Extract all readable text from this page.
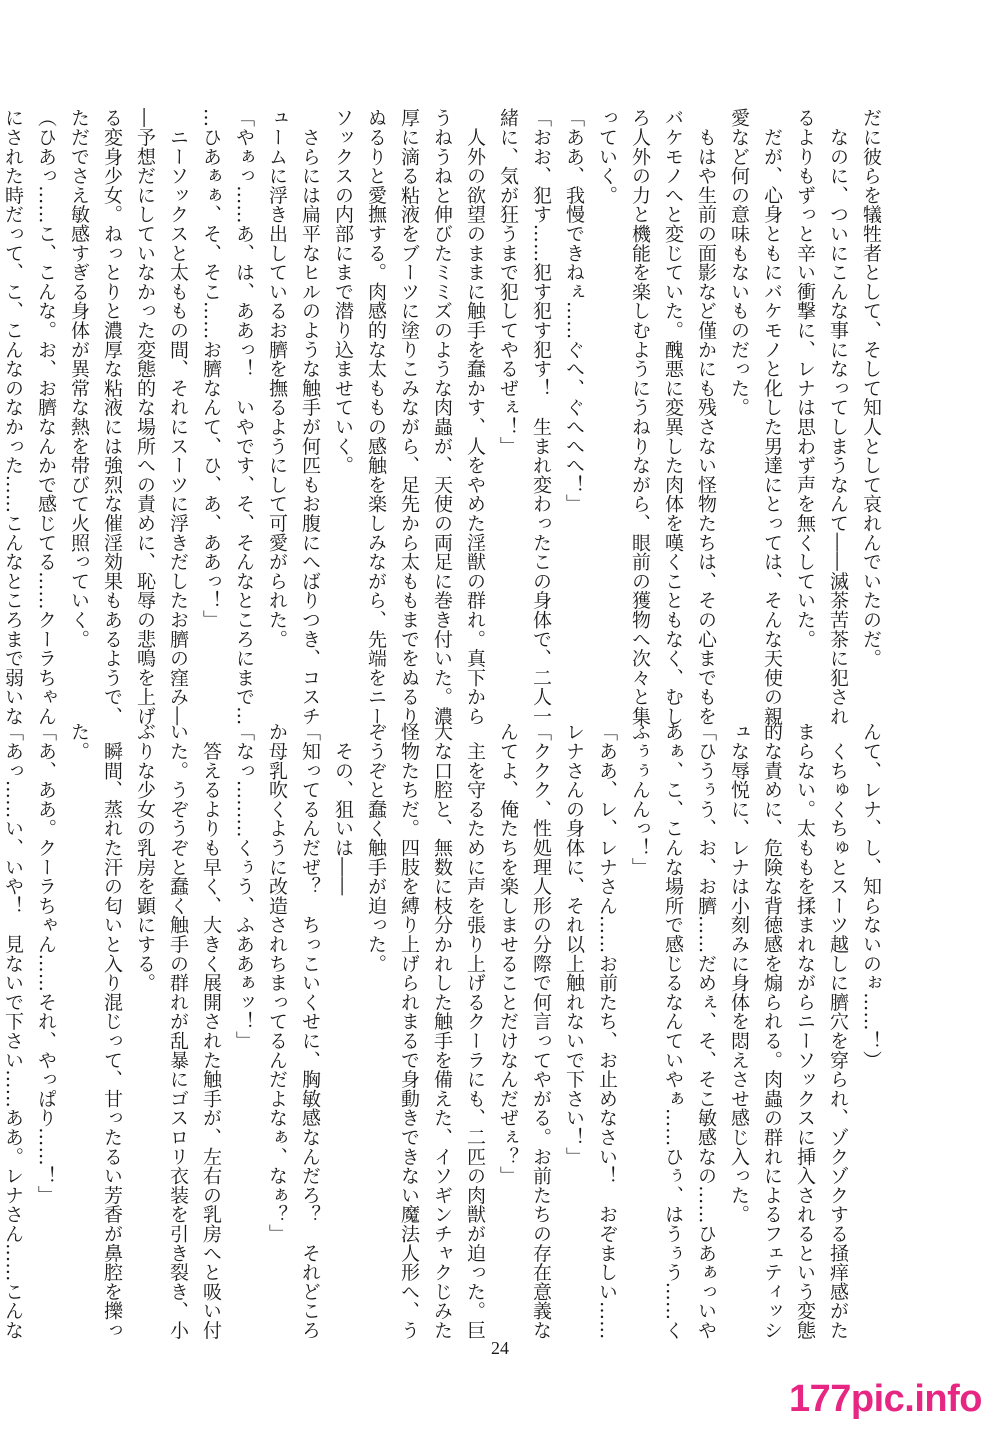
だに彼らを犠牲者として、そして知人として哀れんでいたのだ。
　なのに、ついにこんな事になってしまうなんて――滅茶苦茶に犯され
るよりもずっと辛い衝撃に、レナは思わず声を無くしていた。
　だが、心身ともにバケモノと化した男達にとっては、そんな天使の親
愛など何の意味もないものだった。
　もはや生前の面影など僅かにも残さない怪物たちは、その心までもを
バケモノへと変じていた。醜悪に変異した肉体を嘆くこともなく、むし
ろ人外の力と機能を楽しむようにうねりながら、眼前の獲物へ次々と集
っていく。
「ああ、我慢できねぇ……ぐへ、ぐへへへ！」
「おお、犯す……犯す犯す犯す！　生まれ変わったこの身体で、二人一
緒に、気が狂うまで犯してやるぜぇ！」
　人外の欲望のままに触手を蠢かす、人をやめた淫獣の群れ。真下から
うねうねと伸びたミミズのような肉蟲が、天使の両足に巻き付いた。濃
厚に滴る粘液をブーツに塗りこみながら、足先から太ももまでをぬるり
ぬるりと愛撫する。肉感的な太ももの感触を楽しみながら、先端をニー
ソックスの内部にまで潜り込ませていく。
　さらには扁平なヒルのような触手が何匹もお腹にへばりつき、コスチ
ュームに浮き出しているお臍を撫るようにして可愛がられた。
「やぁっ……あ、は、ああっ！　いやです、そ、そんなところにまで…
…ひあぁぁ、そ、そこ……お臍なんて、ひ、あ、ああっ！」
　ニーソックスと太ももの間、それにスーツに浮きだしたお臍の窪み―
―予想だにしていなかった変態的な場所への責めに、恥辱の悲鳴を上げ
る変身少女。ねっとりと濃厚な粘液には強烈な催淫効果もあるようで、
ただでさえ敏感すぎる身体が異常な熱を帯びて火照っていく。
（ひあっ……こ、こんな。お、お臍なんかで感じてる……クーラちゃん
にされた時だって、こ、こんなのなかった……こんなところまで弱いな
んて、レナ、し、知らないのぉ……！）
　くちゅくちゅとスーツ越しに臍穴を穿られ、ゾクゾクする掻痒感がた
まらない。太ももを揉まれながらニーソックスに挿入されるという変態
的な責めに、危険な背徳感を煽られる。肉蟲の群れによるフェティッシ
ュな辱悦に、レナは小刻みに身体を悶えさせ感じ入った。
「ひうぅう、お、お臍……だめぇ、そ、そこ敏感なの……ひあぁっいや
あぁ、こ、こんな場所で感じるなんていやぁ……ひぅ、はうぅう……く
ふぅぅんんっ！」
「ああ、レ、レナさん……お前たち、お止めなさい！　おぞましい……
レナさんの身体に、それ以上触れないで下さい！」
「ククク、性処理人形の分際で何言ってやがる。お前たちの存在意義な
んてよ、俺たちを楽しませることだけなんだぜぇ？」
　主を守るために声を張り上げるクーラにも、二匹の肉獣が迫った。巨
大な口腔と、無数に枝分かれした触手を備えた、イソギンチャクじみた
怪物たちだ。四肢を縛り上げられまるで身動きできない魔法人形へ、う
ぞうぞと蠢く触手が迫った。
　その、狙いは――
「知ってるんだぜ？　ちっこいくせに、胸敏感なんだろ？　それどころ
か母乳吹くように改造されちまってるんだよなぁ、なぁ？」
「なっ………くぅう、ふああぁッ！」
　答えるよりも早く、大きく展開された触手が、左右の乳房へと吸い付
いた。うぞうぞと蠢く触手の群れが乱暴にゴスロリ衣装を引き裂き、小
ぶりな少女の乳房を顕にする。
　瞬間、蒸れた汗の匂いと入り混じって、甘ったるい芳香が鼻腔を擽っ
た。
「あ、ああ。クーラちゃん……それ、やっぱり……！」
「あっ……い、いや！　見ないで下さい……ああ。レナさん……こんな
24
177pic.info
